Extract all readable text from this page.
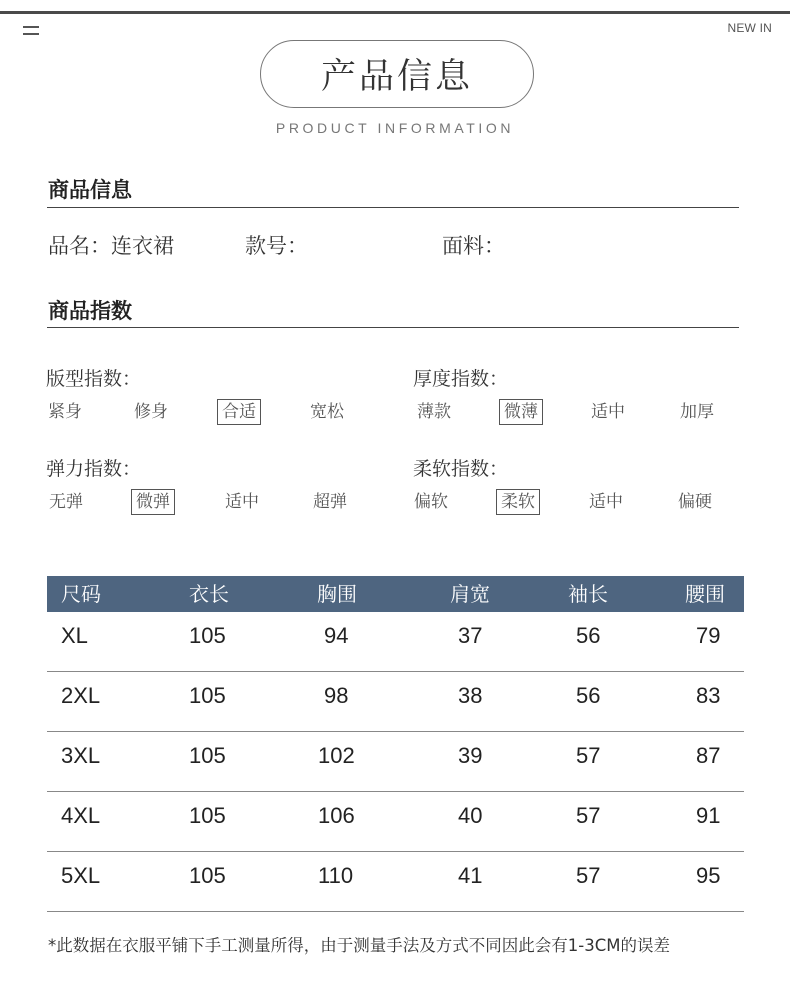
NEW IN
产品信息
PRODUCT INFORMATION
商品信息
品名：连衣裙	款号：	面料：
商品指数
版型指数：
紧身	修身	合适	宽松
厚度指数：
薄款	微薄	适中	加厚
弹力指数：
无弹	微弹	适中	超弹
柔软指数：
偏软	柔软	适中	偏硬
尺码	衣长	胸围	肩宽	袖长	腰围
XL	105	94	37	56	79
2XL	105	98	38	56	83
3XL	105	102	39	57	87
4XL	105	106	40	57	91
5XL	105	110	41	57	95
*此数据在衣服平铺下手工测量所得，由于测量手法及方式不同因此会有1-3CM的误差
